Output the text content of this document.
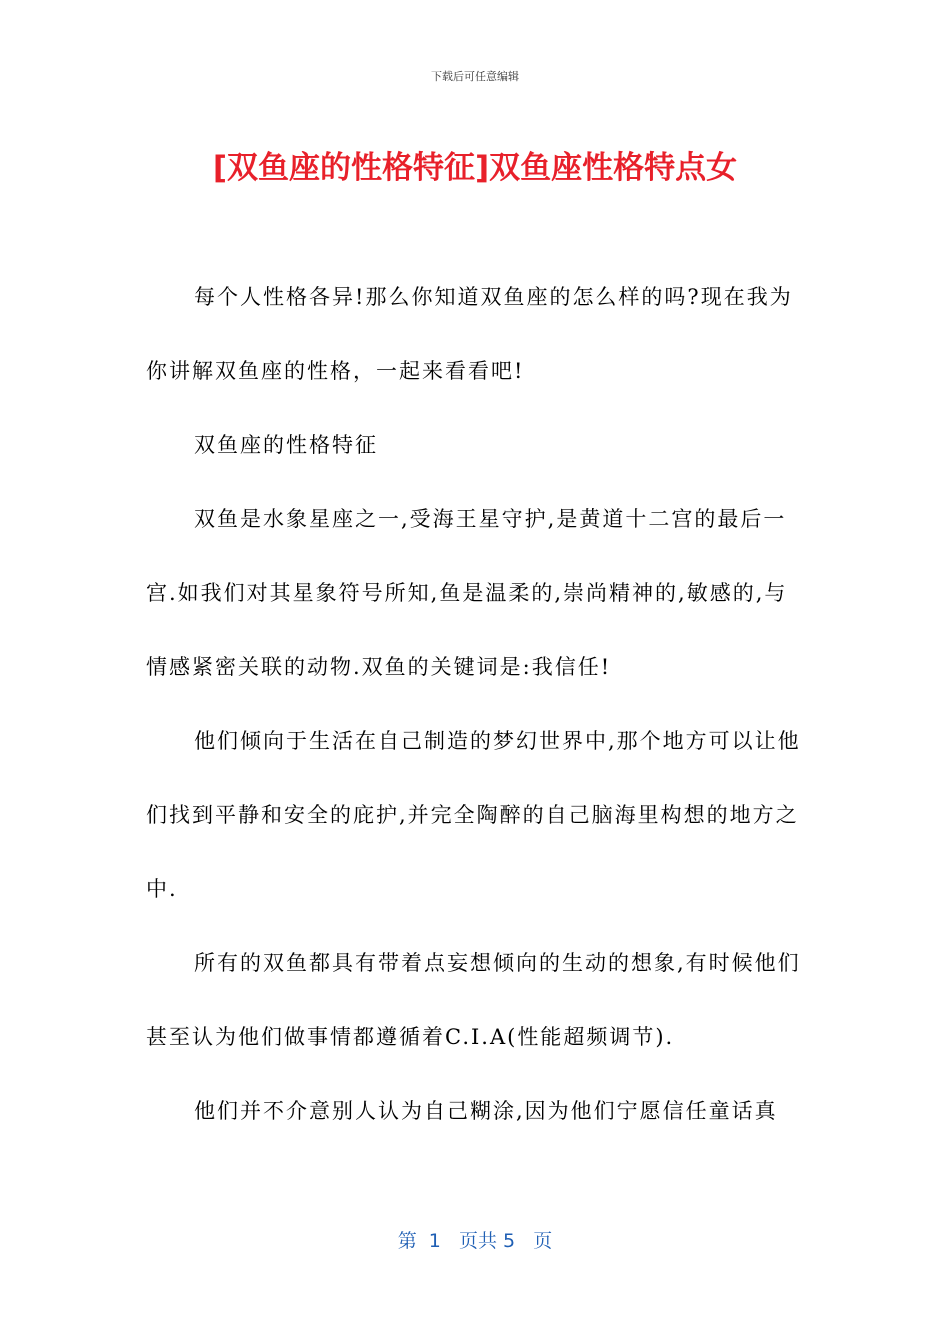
下载后可任意编辑
[双鱼座的性格特征]双鱼座性格特点女

每个人性格各异!那么你知道双鱼座的怎么样的吗?现在我为你讲解双鱼座的性格，一起来看看吧!

双鱼座的性格特征

双鱼是水象星座之一,受海王星守护,是黄道十二宫的最后一宫.如我们对其星象符号所知,鱼是温柔的,崇尚精神的,敏感的,与情感紧密关联的动物.双鱼的关键词是:我信任!

他们倾向于生活在自己制造的梦幻世界中,那个地方可以让他们找到平静和安全的庇护,并完全陶醉的自己脑海里构想的地方之中.

所有的双鱼都具有带着点妄想倾向的生动的想象,有时候他们甚至认为他们做事情都遵循着C.I.A(性能超频调节).

他们并不介意别人认为自己糊涂,因为他们宁愿信任童话真

第  1   页共 5   页
